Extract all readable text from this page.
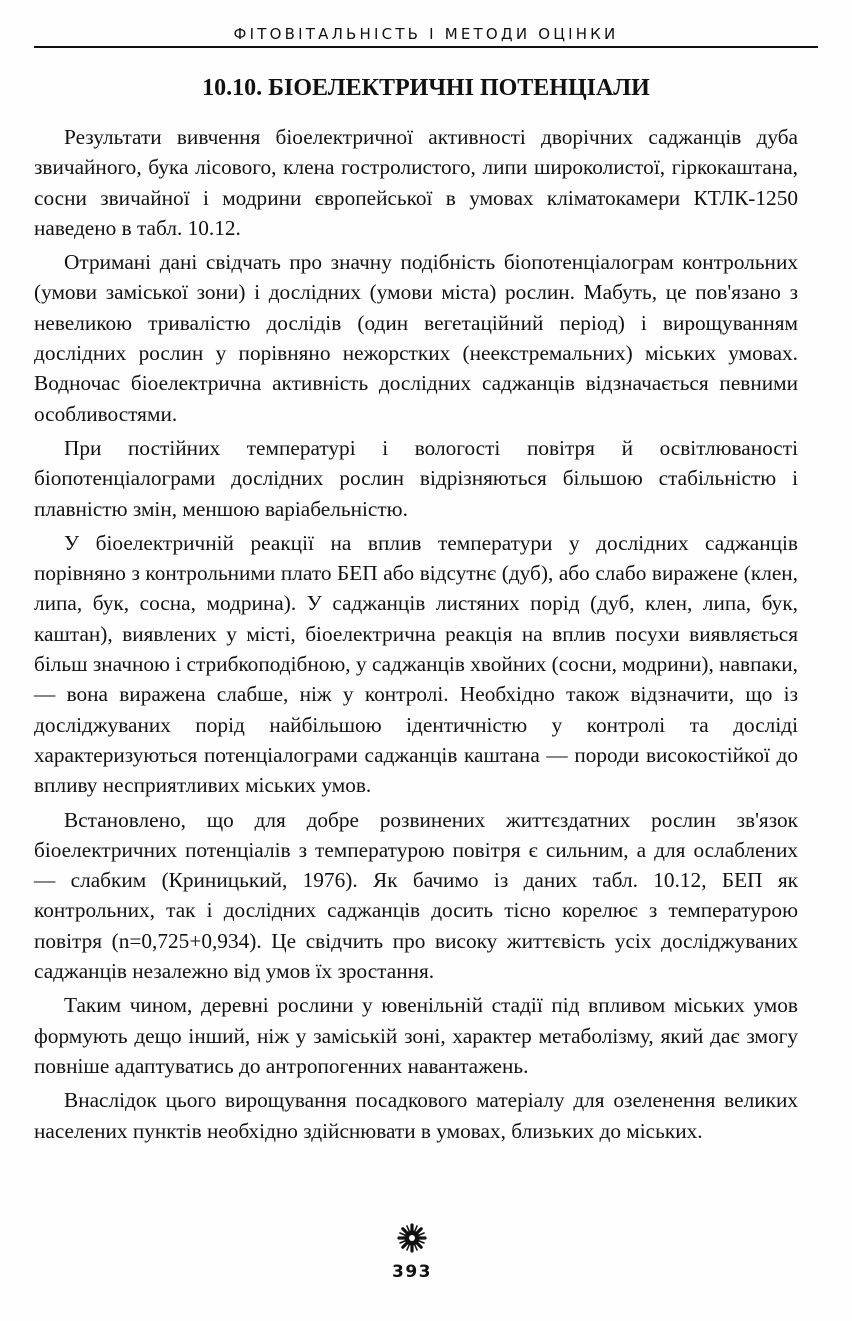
ФІТОВІТАЛЬНІСТЬ І МЕТОДИ ОЦІНКИ
10.10. БІОЕЛЕКТРИЧНІ ПОТЕНЦІАЛИ

Результати вивчення біоелектричної активності дворічних саджанців дуба звичайного, бука лісового, клена гостролистого, липи широколистої, гіркокаштана, сосни звичайної і модрини європейської в умовах кліматокамери КТЛК-1250 наведено в табл. 10.12.

Отримані дані свідчать про значну подібність біопотенціалограм контрольних (умови заміської зони) і дослідних (умови міста) рослин. Мабуть, це пов'язано з невеликою тривалістю дослідів (один вегетаційний період) і вирощуванням дослідних рослин у порівняно нежорстких (неекстремальних) міських умовах. Водночас біоелектрична активність дослідних саджанців відзначається певними особливостями.

При постійних температурі і вологості повітря й освітлюваності біопотенціалограми дослідних рослин відрізняються більшою стабільністю і плавністю змін, меншою варіабельністю.

У біоелектричній реакції на вплив температури у дослідних саджанців порівняно з контрольними плато БЕП або відсутнє (дуб), або слабо виражене (клен, липа, бук, сосна, модрина). У саджанців листяних порід (дуб, клен, липа, бук, каштан), виявлених у місті, біоелектрична реакція на вплив посухи виявляється більш значною і стрибкоподібною, у саджанців хвойних (сосни, модрини), навпаки, — вона виражена слабше, ніж у контролі. Необхідно також відзначити, що із досліджуваних порід найбільшою ідентичністю у контролі та досліді характеризуються потенціалограми саджанців каштана — породи високостійкої до впливу несприятливих міських умов.

Встановлено, що для добре розвинених життєздатних рослин зв'язок біоелектричних потенціалів з температурою повітря є сильним, а для ослаблених — слабким (Криницький, 1976). Як бачимо із даних табл. 10.12, БЕП як контрольних, так і дослідних саджанців досить тісно корелює з температурою повітря (n=0,725+0,934). Це свідчить про високу життєвість усіх досліджуваних саджанців незалежно від умов їх зростання.

Таким чином, деревні рослини у ювенільній стадії під впливом міських умов формують дещо інший, ніж у заміській зоні, характер метаболізму, який дає змогу повніше адаптуватись до антропогенних навантажень.

Внаслідок цього вирощування посадкового матеріалу для озеленення великих населених пунктів необхідно здійснювати в умовах, близьких до міських.

393
